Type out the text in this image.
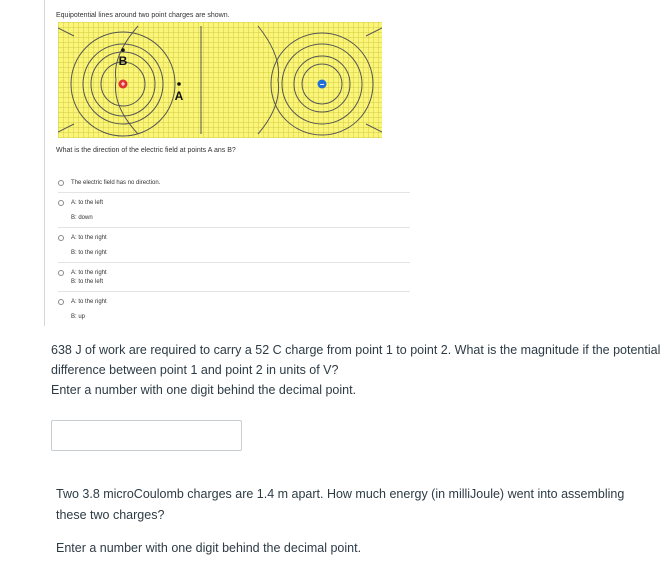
Equipotential lines around two point charges are shown.
+	−
B
A
What is the direction of the electric field at points A ans B?
The electric field has no direction.
A: to the left
B: down
A: to the right
B: to the right
A: to the right
B: to the left
A: to the right
B: up

638 J of work are required to carry a 52 C charge from point 1 to point 2. What is the magnitude if the potential difference between point 1 and point 2 in units of V?

Enter a number with one digit behind the decimal point.

Two 3.8 microCoulomb charges are 1.4 m apart. How much energy (in milliJoule) went into assembling these two charges?

Enter a number with one digit behind the decimal point.
